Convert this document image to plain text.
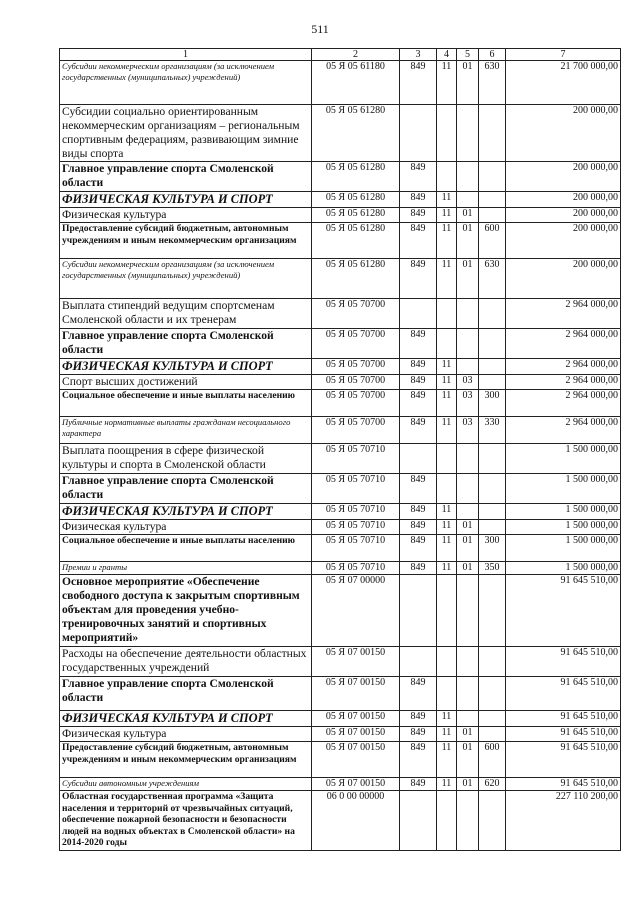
511
1	2	3	4	5	6	7
Субсидии некоммерческим организациям (за исключением государственных (муниципальных) учреждений)	05 Я 05 61180	849	11	01	630	21 700 000,00
Субсидии социально ориентированным некоммерческим организациям – региональным спортивным федерациям, развивающим зимние виды спорта	05 Я 05 61280					200 000,00
Главное управление спорта Смоленской области	05 Я 05 61280	849				200 000,00
ФИЗИЧЕСКАЯ КУЛЬТУРА И СПОРТ	05 Я 05 61280	849	11			200 000,00
Физическая культура	05 Я 05 61280	849	11	01		200 000,00
Предоставление субсидий бюджетным, автономным учреждениям и иным некоммерческим организациям	05 Я 05 61280	849	11	01	600	200 000,00
Субсидии некоммерческим организациям (за исключением государственных (муниципальных) учреждений)	05 Я 05 61280	849	11	01	630	200 000,00
Выплата стипендий ведущим спортсменам Смоленской области и их тренерам	05 Я 05 70700					2 964 000,00
Главное управление спорта Смоленской области	05 Я 05 70700	849				2 964 000,00
ФИЗИЧЕСКАЯ КУЛЬТУРА И СПОРТ	05 Я 05 70700	849	11			2 964 000,00
Спорт высших достижений	05 Я 05 70700	849	11	03		2 964 000,00
Социальное обеспечение и иные выплаты населению	05 Я 05 70700	849	11	03	300	2 964 000,00
Публичные нормативные выплаты гражданам несоциального характера	05 Я 05 70700	849	11	03	330	2 964 000,00
Выплата поощрения в сфере физической культуры и спорта в Смоленской области	05 Я 05 70710					1 500 000,00
Главное управление спорта Смоленской области	05 Я 05 70710	849				1 500 000,00
ФИЗИЧЕСКАЯ КУЛЬТУРА И СПОРТ	05 Я 05 70710	849	11			1 500 000,00
Физическая культура	05 Я 05 70710	849	11	01		1 500 000,00
Социальное обеспечение и иные выплаты населению	05 Я 05 70710	849	11	01	300	1 500 000,00
Премии и гранты	05 Я 05 70710	849	11	01	350	1 500 000,00
Основное мероприятие «Обеспечение свободного доступа к закрытым спортивным объектам для проведения учебно-тренировочных занятий и спортивных мероприятий»	05 Я 07 00000					91 645 510,00
Расходы на обеспечение деятельности областных государственных учреждений	05 Я 07 00150					91 645 510,00
Главное управление спорта Смоленской области	05 Я 07 00150	849				91 645 510,00
ФИЗИЧЕСКАЯ КУЛЬТУРА И СПОРТ	05 Я 07 00150	849	11			91 645 510,00
Физическая культура	05 Я 07 00150	849	11	01		91 645 510,00
Предоставление субсидий бюджетным, автономным учреждениям и иным некоммерческим организациям	05 Я 07 00150	849	11	01	600	91 645 510,00
Субсидии автономным учреждениям	05 Я 07 00150	849	11	01	620	91 645 510,00
Областная государственная программа «Защита населения и территорий от чрезвычайных ситуаций, обеспечение пожарной безопасности и безопасности людей на водных объектах в Смоленской области» на 2014-2020 годы	06 0 00 00000					227 110 200,00
